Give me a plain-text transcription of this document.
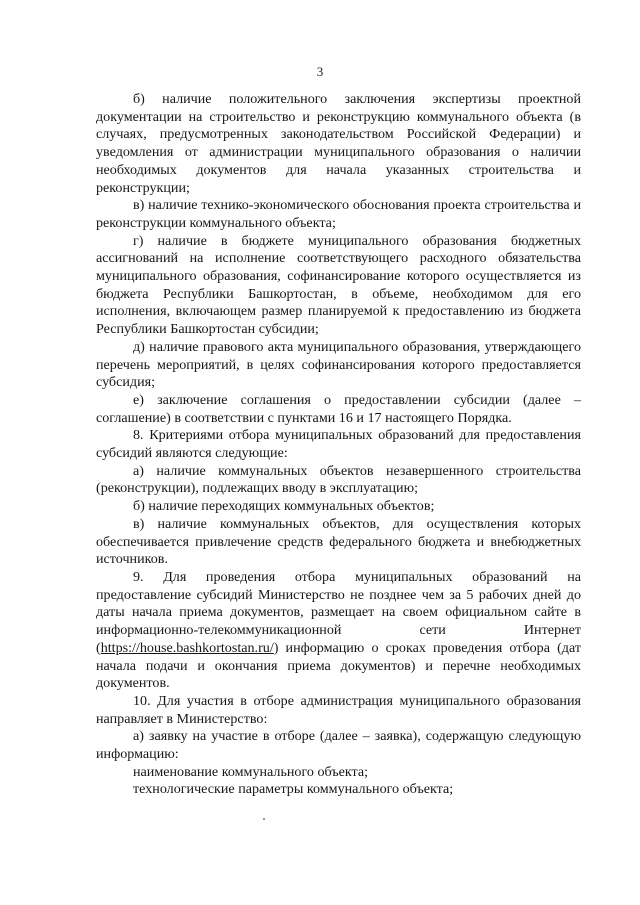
3

б) наличие положительного заключения экспертизы проектной документации на строительство и реконструкцию коммунального объекта (в случаях, предусмотренных законодательством Российской Федерации) и уведомления от администрации муниципального образования о наличии необходимых документов для начала указанных строительства и реконструкции;

в) наличие технико-экономического обоснования проекта строительства и реконструкции коммунального объекта;

г) наличие в бюджете муниципального образования бюджетных ассигнований на исполнение соответствующего расходного обязательства муниципального образования, софинансирование которого осуществляется из бюджета Республики Башкортостан, в объеме, необходимом для его исполнения, включающем размер планируемой к предоставлению из бюджета Республики Башкортостан субсидии;

д) наличие правового акта муниципального образования, утверждающего перечень мероприятий, в целях софинансирования которого предоставляется субсидия;

е) заключение соглашения о предоставлении субсидии (далее – соглашение) в соответствии с пунктами 16 и 17 настоящего Порядка.

8. Критериями отбора муниципальных образований для предоставления субсидий являются следующие:

а) наличие коммунальных объектов незавершенного строительства (реконструкции), подлежащих вводу в эксплуатацию;

б) наличие переходящих коммунальных объектов;

в) наличие коммунальных объектов, для осуществления которых обеспечивается привлечение средств федерального бюджета и внебюджетных источников.

9. Для проведения отбора муниципальных образований на предоставление субсидий Министерство не позднее чем за 5 рабочих дней до даты начала приема документов, размещает на своем официальном сайте в информационно-телекоммуникационной сети Интернет (https://house.bashkortostan.ru/) информацию о сроках проведения отбора (дат начала подачи и окончания приема документов) и перечне необходимых документов.

10. Для участия в отборе администрация муниципального образования направляет в Министерство:

а) заявку на участие в отборе (далее – заявка), содержащую следующую информацию:

наименование коммунального объекта;

технологические параметры коммунального объекта;
